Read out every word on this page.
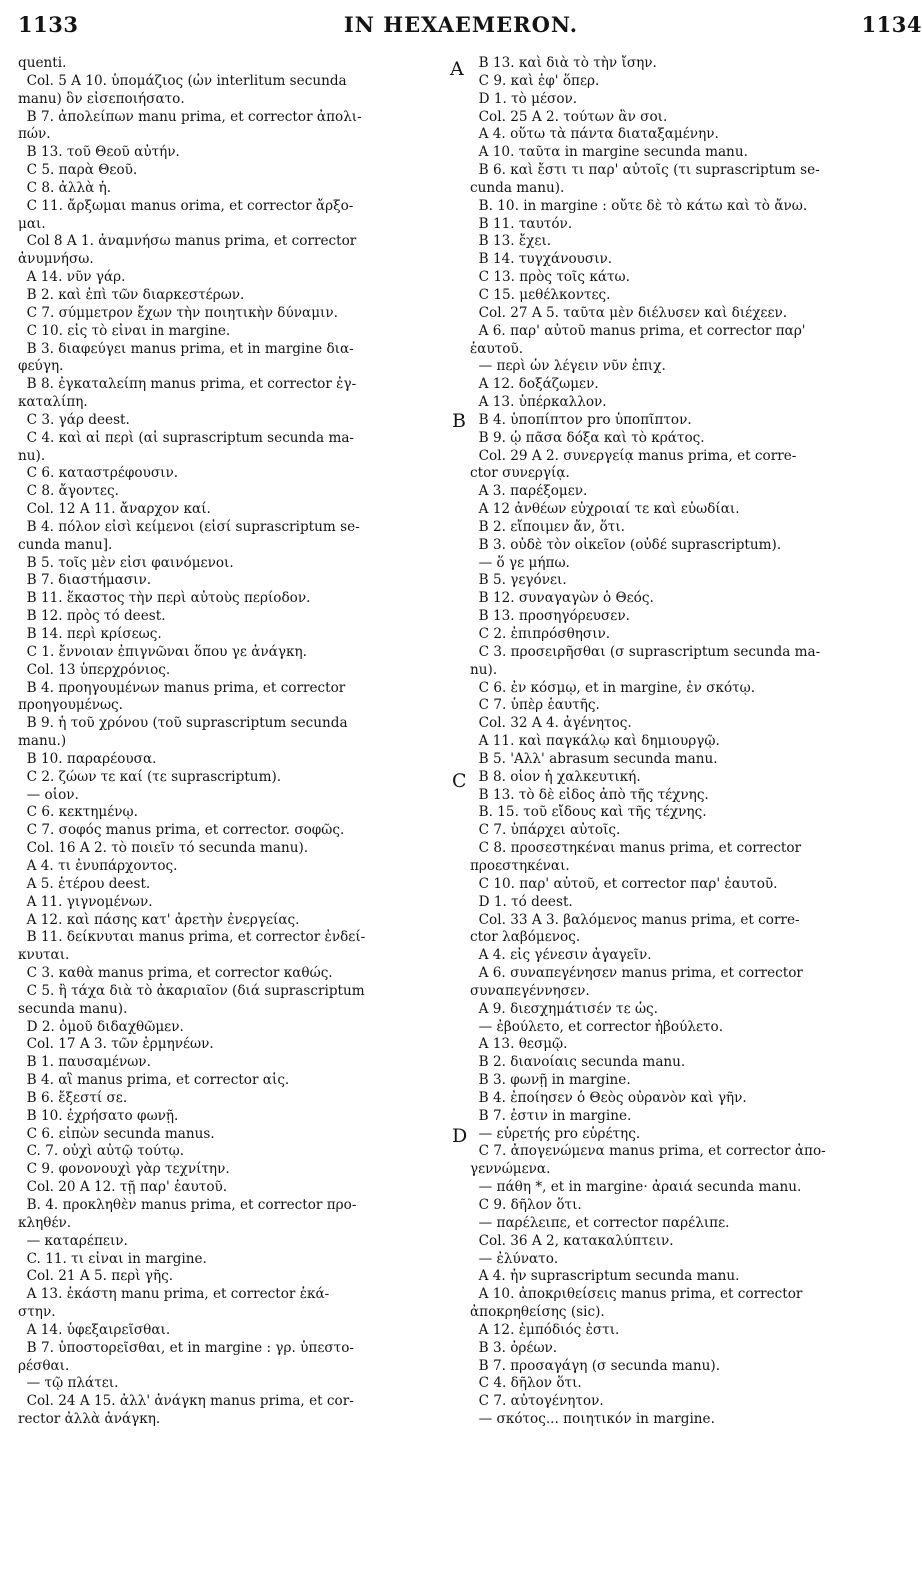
1133	IN HEXAEMERON.	1134
quenti.
Col. 5 A 10. ὑπομάζιος (ὧν interlitum secunda
manu) ὃν εἰσεποιήσατο.
B 7. ἀπολείπων manu prima, et corrector ἀπολι-
πών.
B 13. τοῦ Θεοῦ αὐτήν.
C 5. παρὰ Θεοῦ.
C 8. ἀλλὰ ἡ.
C 11. ἄρξωμαι manus orima, et corrector ἄρξο-
μαι.
Col 8 A 1. ἀναμνήσω manus prima, et corrector
ἀνυμνήσω.
A 14. νῦν γάρ.
B 2. καὶ ἐπὶ τῶν διαρκεστέρων.
C 7. σύμμετρον ἔχων τὴν ποιητικὴν δύναμιν.
C 10. εἰς τὸ εἶναι in margine.
B 3. διαφεύγει manus prima, et in margine δια-
φεύγη.
B 8. ἐγκαταλείπη manus prima, et corrector ἐγ-
καταλίπη.
C 3. γάρ deest.
C 4. καὶ αἱ περὶ (αἱ suprascriptum secunda ma-
nu).
C 6. καταστρέφουσιν.
C 8. ἄγοντες.
Col. 12 A 11. ἄναρχον καί.
B 4. πόλον εἰσὶ κείμενοι (εἰσί suprascriptum se-
cunda manu].
B 5. τοῖς μὲν εἰσι φαινόμενοι.
B 7. διαστήμασιν.
B 11. ἕκαστος τὴν περὶ αὐτοὺς περίοδον.
B 12. πρὸς τό deest.
B 14. περὶ κρίσεως.
C 1. ἔννοιαν ἐπιγνῶναι ὅπου γε ἀνάγκη.
Col. 13 ὑπερχρόνιος.
B 4. προηγουμένων manus prima, et corrector
προηγουμένως.
B 9. ἡ τοῦ χρόνου (τοῦ suprascriptum secunda
manu.)
B 10. παραρέουσα.
C 2. ζώων τε καί (τε suprascriptum).
— οἷον.
C 6. κεκτημένῳ.
C 7. σοφός manus prima, et corrector. σοφῶς.
Col. 16 A 2. τὸ ποιεῖν τό secunda manu).
A 4. τι ἐνυπάρχοντος.
A 5. ἑτέρου deest.
A 11. γιγνομένων.
A 12. καὶ πάσης κατ' ἀρετὴν ἐνεργείας.
B 11. δείκνυται manus prima, et corrector ἐνδεί-
κνυται.
C 3. καθὰ manus prima, et corrector καθώς.
C 5. ἢ τάχα διὰ τὸ ἀκαριαῖον (διά suprascriptum
secunda manu).
D 2. ὁμοῦ διδαχθῶμεν.
Col. 17 A 3. τῶν ἑρμηνέων.
B 1. παυσαμένων.
B 4. αἳ manus prima, et corrector αἷς.
B 6. ἔξεστί σε.
B 10. ἐχρήσατο φωνῇ.
C 6. εἰπὼν secunda manus.
C. 7. οὐχὶ αὐτῷ τούτῳ.
C 9. φονονουχὶ γὰρ τεχνίτην.
Col. 20 A 12. τῇ παρ' ἑαυτοῦ.
B. 4. προκληθὲν manus prima, et corrector προ-
κληθέν.
— καταρέπειν.
C. 11. τι εἶναι in margine.
Col. 21 A 5. περὶ γῆς.
A 13. ἑκάστη manu prima, et corrector ἑκά-
στην.
A 14. ὑφεξαιρεῖσθαι.
B 7. ὑποστορεῖσθαι, et in margine : γρ. ὑπεστο-
ρέσθαι.
— τῷ πλάτει.
Col. 24 A 15. ἀλλ' ἀνάγκη manus prima, et cor-
rector ἀλλὰ ἀνάγκη.
B 13. καὶ διὰ τὸ τὴν ἴσην.
C 9. καὶ ἐφ' ὅπερ.
D 1. τὸ μέσον.
Col. 25 A 2. τούτων ἂν σοι.
A 4. οὕτω τὰ πάντα διαταξαμένην.
A 10. ταῦτα in margine secunda manu.
B 6. καὶ ἔστι τι παρ' αὐτοῖς (τι suprascriptum se-
cunda manu).
B. 10. in margine : οὔτε δὲ τὸ κάτω καὶ τὸ ἄνω.
B 11. ταυτόν.
B 13. ἔχει.
B 14. τυγχάνουσιν.
C 13. πρὸς τοῖς κάτω.
C 15. μεθέλκοντες.
Col. 27 A 5. ταῦτα μὲν διέλυσεν καὶ διέχεεν.
A 6. παρ' αὐτοῦ manus prima, et corrector παρ'
ἑαυτοῦ.
— περὶ ὧν λέγειν νῦν ἐπιχ.
A 12. δοξάζωμεν.
A 13. ὑπέρκαλλον.
B 4. ὑποπίπτον pro ὑποπῖπτον.
B 9. ᾧ πᾶσα δόξα καὶ τὸ κράτος.
Col. 29 A 2. συνεργείᾳ manus prima, et corre-
ctor συνεργίᾳ.
A 3. παρέξομεν.
A 12 ἀνθέων εὐχροιαί τε καὶ εὐωδίαι.
B 2. εἴποιμεν ἄν, ὅτι.
B 3. οὐδὲ τὸν οἰκεῖον (οὐδέ suprascriptum).
— ὅ γε μήπω.
B 5. γεγόνει.
B 12. συναγαγὼν ὁ Θεός.
B 13. προσηγόρευσεν.
C 2. ἐπιπρόσθησιν.
C 3. προσειρῆσθαι (σ suprascriptum secunda ma-
nu).
C 6. ἐν κόσμῳ, et in margine, ἐν σκότῳ.
C 7. ὑπὲρ ἑαυτῆς.
Col. 32 A 4. ἀγένητος.
A 11. καὶ παγκάλῳ καὶ δημιουργῷ.
B 5. 'Αλλ' abrasum secunda manu.
B 8. οἷον ἡ χαλκευτική.
B 13. τὸ δὲ εἶδος ἀπὸ τῆς τέχνης.
B. 15. τοῦ εἴδους καὶ τῆς τέχνης.
C 7. ὑπάρχει αὐτοῖς.
C 8. προσεστηκέναι manus prima, et corrector
προεστηκέναι.
C 10. παρ' αὐτοῦ, et corrector παρ' ἑαυτοῦ.
D 1. τό deest.
Col. 33 A 3. βαλόμενος manus prima, et corre-
ctor λαβόμενος.
A 4. εἰς γένεσιν ἀγαγεῖν.
A 6. συναπεγένησεν manus prima, et corrector
συναπεγέννησεν.
A 9. διεσχημάτισέν τε ὡς.
— ἐβούλετο, et corrector ἠβούλετο.
A 13. θεσμῷ.
B 2. διανοίαις secunda manu.
B 3. φωνῇ in margine.
B 4. ἐποίησεν ὁ Θεὸς οὐρανὸν καὶ γῆν.
B 7. ἐστιν in margine.
— εὑρετής pro εὑρέτης.
C 7. ἀπογενώμενα manus prima, et corrector ἀπο-
γεννώμενα.
— πάθη *, et in margine· ἀραιά secunda manu.
C 9. δῆλον ὅτι.
— παρέλειπε, et corrector παρέλιπε.
Col. 36 A 2, κατακαλύπτειν.
— ἐλύνατο.
A 4. ἦν suprascriptum secunda manu.
A 10. ἀποκριθείσεις manus prima, et corrector
ἀποκρηθείσης (sic).
A 12. ἐμπόδιός ἐστι.
B 3. ὀρέων.
B 7. προσαγάγη (σ secunda manu).
C 4. δῆλον ὅτι.
C 7. αὐτογένητον.
— σκότος... ποιητικόν in margine.
A
B
C
D
